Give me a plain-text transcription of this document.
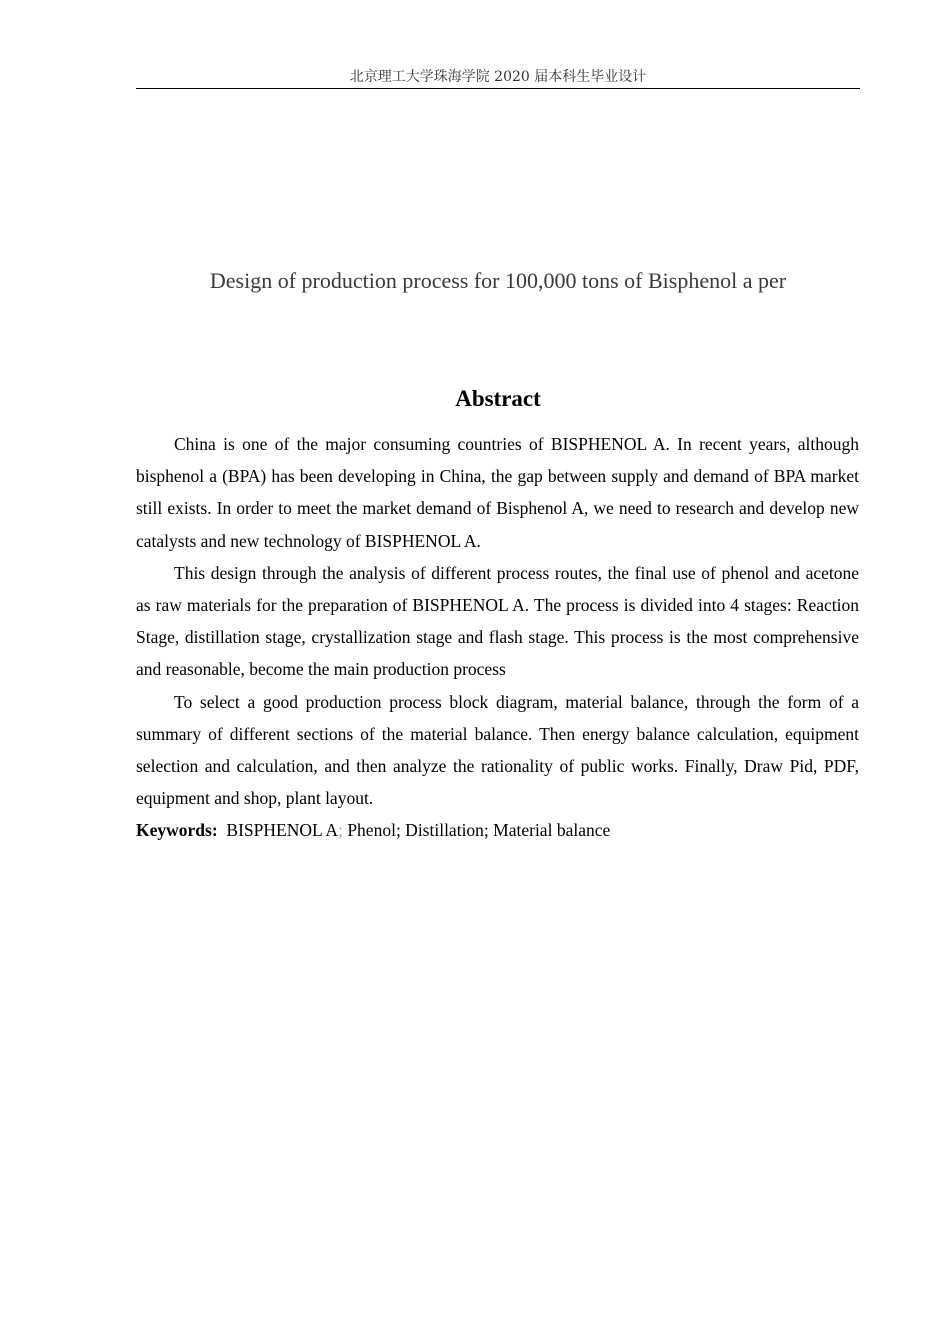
北京理工大学珠海学院 2020 届本科生毕业设计
Design of production process for 100,000 tons of Bisphenol a per
Abstract

China is one of the major consuming countries of BISPHENOL A. In recent years, although bisphenol a (BPA) has been developing in China, the gap between supply and demand of BPA market still exists. In order to meet the market demand of Bisphenol A, we need to research and develop new catalysts and new technology of BISPHENOL A.

This design through the analysis of different process routes, the final use of phenol and acetone as raw materials for the preparation of BISPHENOL A. The process is divided into 4 stages: Reaction Stage, distillation stage, crystallization stage and flash stage. This process is the most comprehensive and reasonable, become the main production process

To select a good production process block diagram, material balance, through the form of a summary of different sections of the material balance. Then energy balance calculation, equipment selection and calculation, and then analyze the rationality of public works. Finally, Draw Pid, PDF, equipment and shop, plant layout.

Keywords: BISPHENOL A; Phenol; Distillation; Material balance
